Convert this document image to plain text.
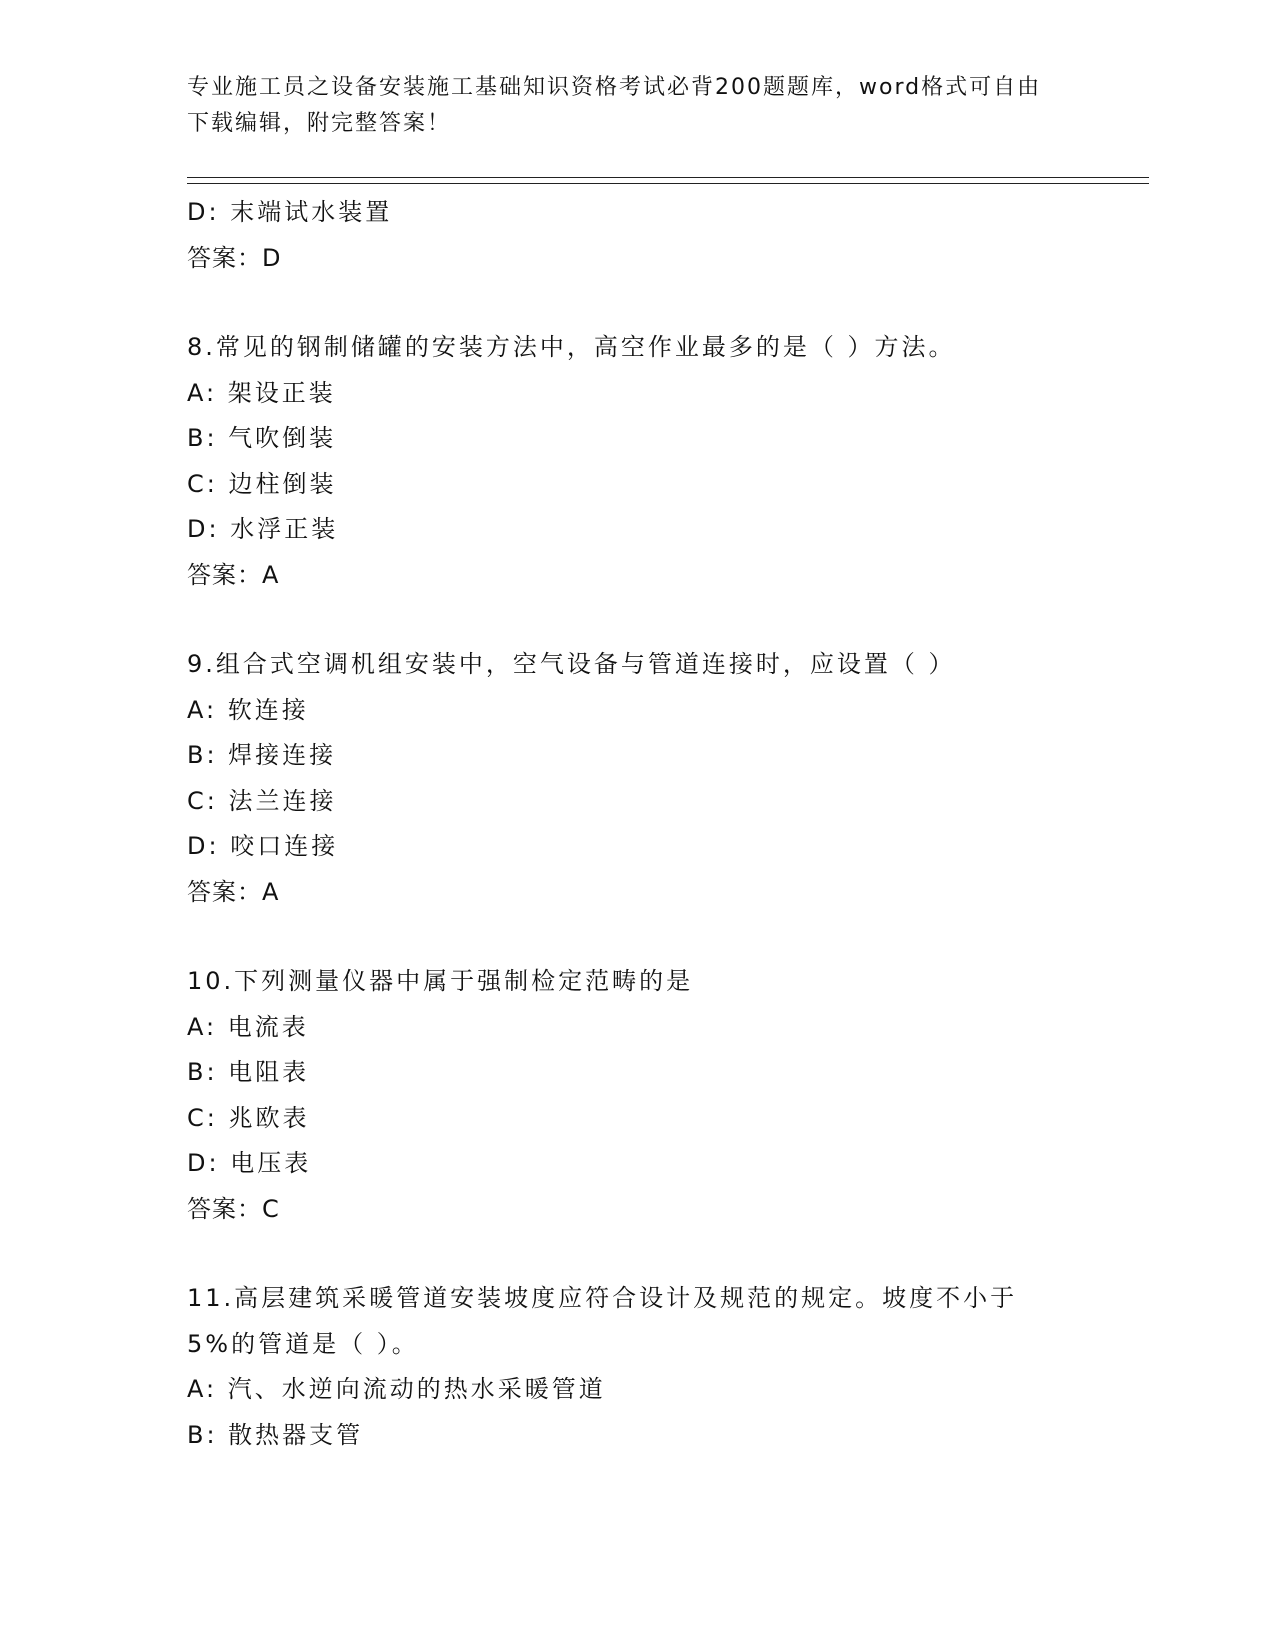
专业施工员之设备安装施工基础知识资格考试必背200题题库，word格式可自由
下载编辑，附完整答案！
D: 末端试水装置
答案：D
8.常见的钢制储罐的安装方法中，高空作业最多的是（ ）方法。
A: 架设正装
B: 气吹倒装
C: 边柱倒装
D: 水浮正装
答案：A
9.组合式空调机组安装中，空气设备与管道连接时，应设置（ ）
A: 软连接
B: 焊接连接
C: 法兰连接
D: 咬口连接
答案：A
10.下列测量仪器中属于强制检定范畴的是
A: 电流表
B: 电阻表
C: 兆欧表
D: 电压表
答案：C
11.高层建筑采暖管道安装坡度应符合设计及规范的规定。坡度不小于
5%的管道是（ ）。
A: 汽、水逆向流动的热水采暖管道
B: 散热器支管
